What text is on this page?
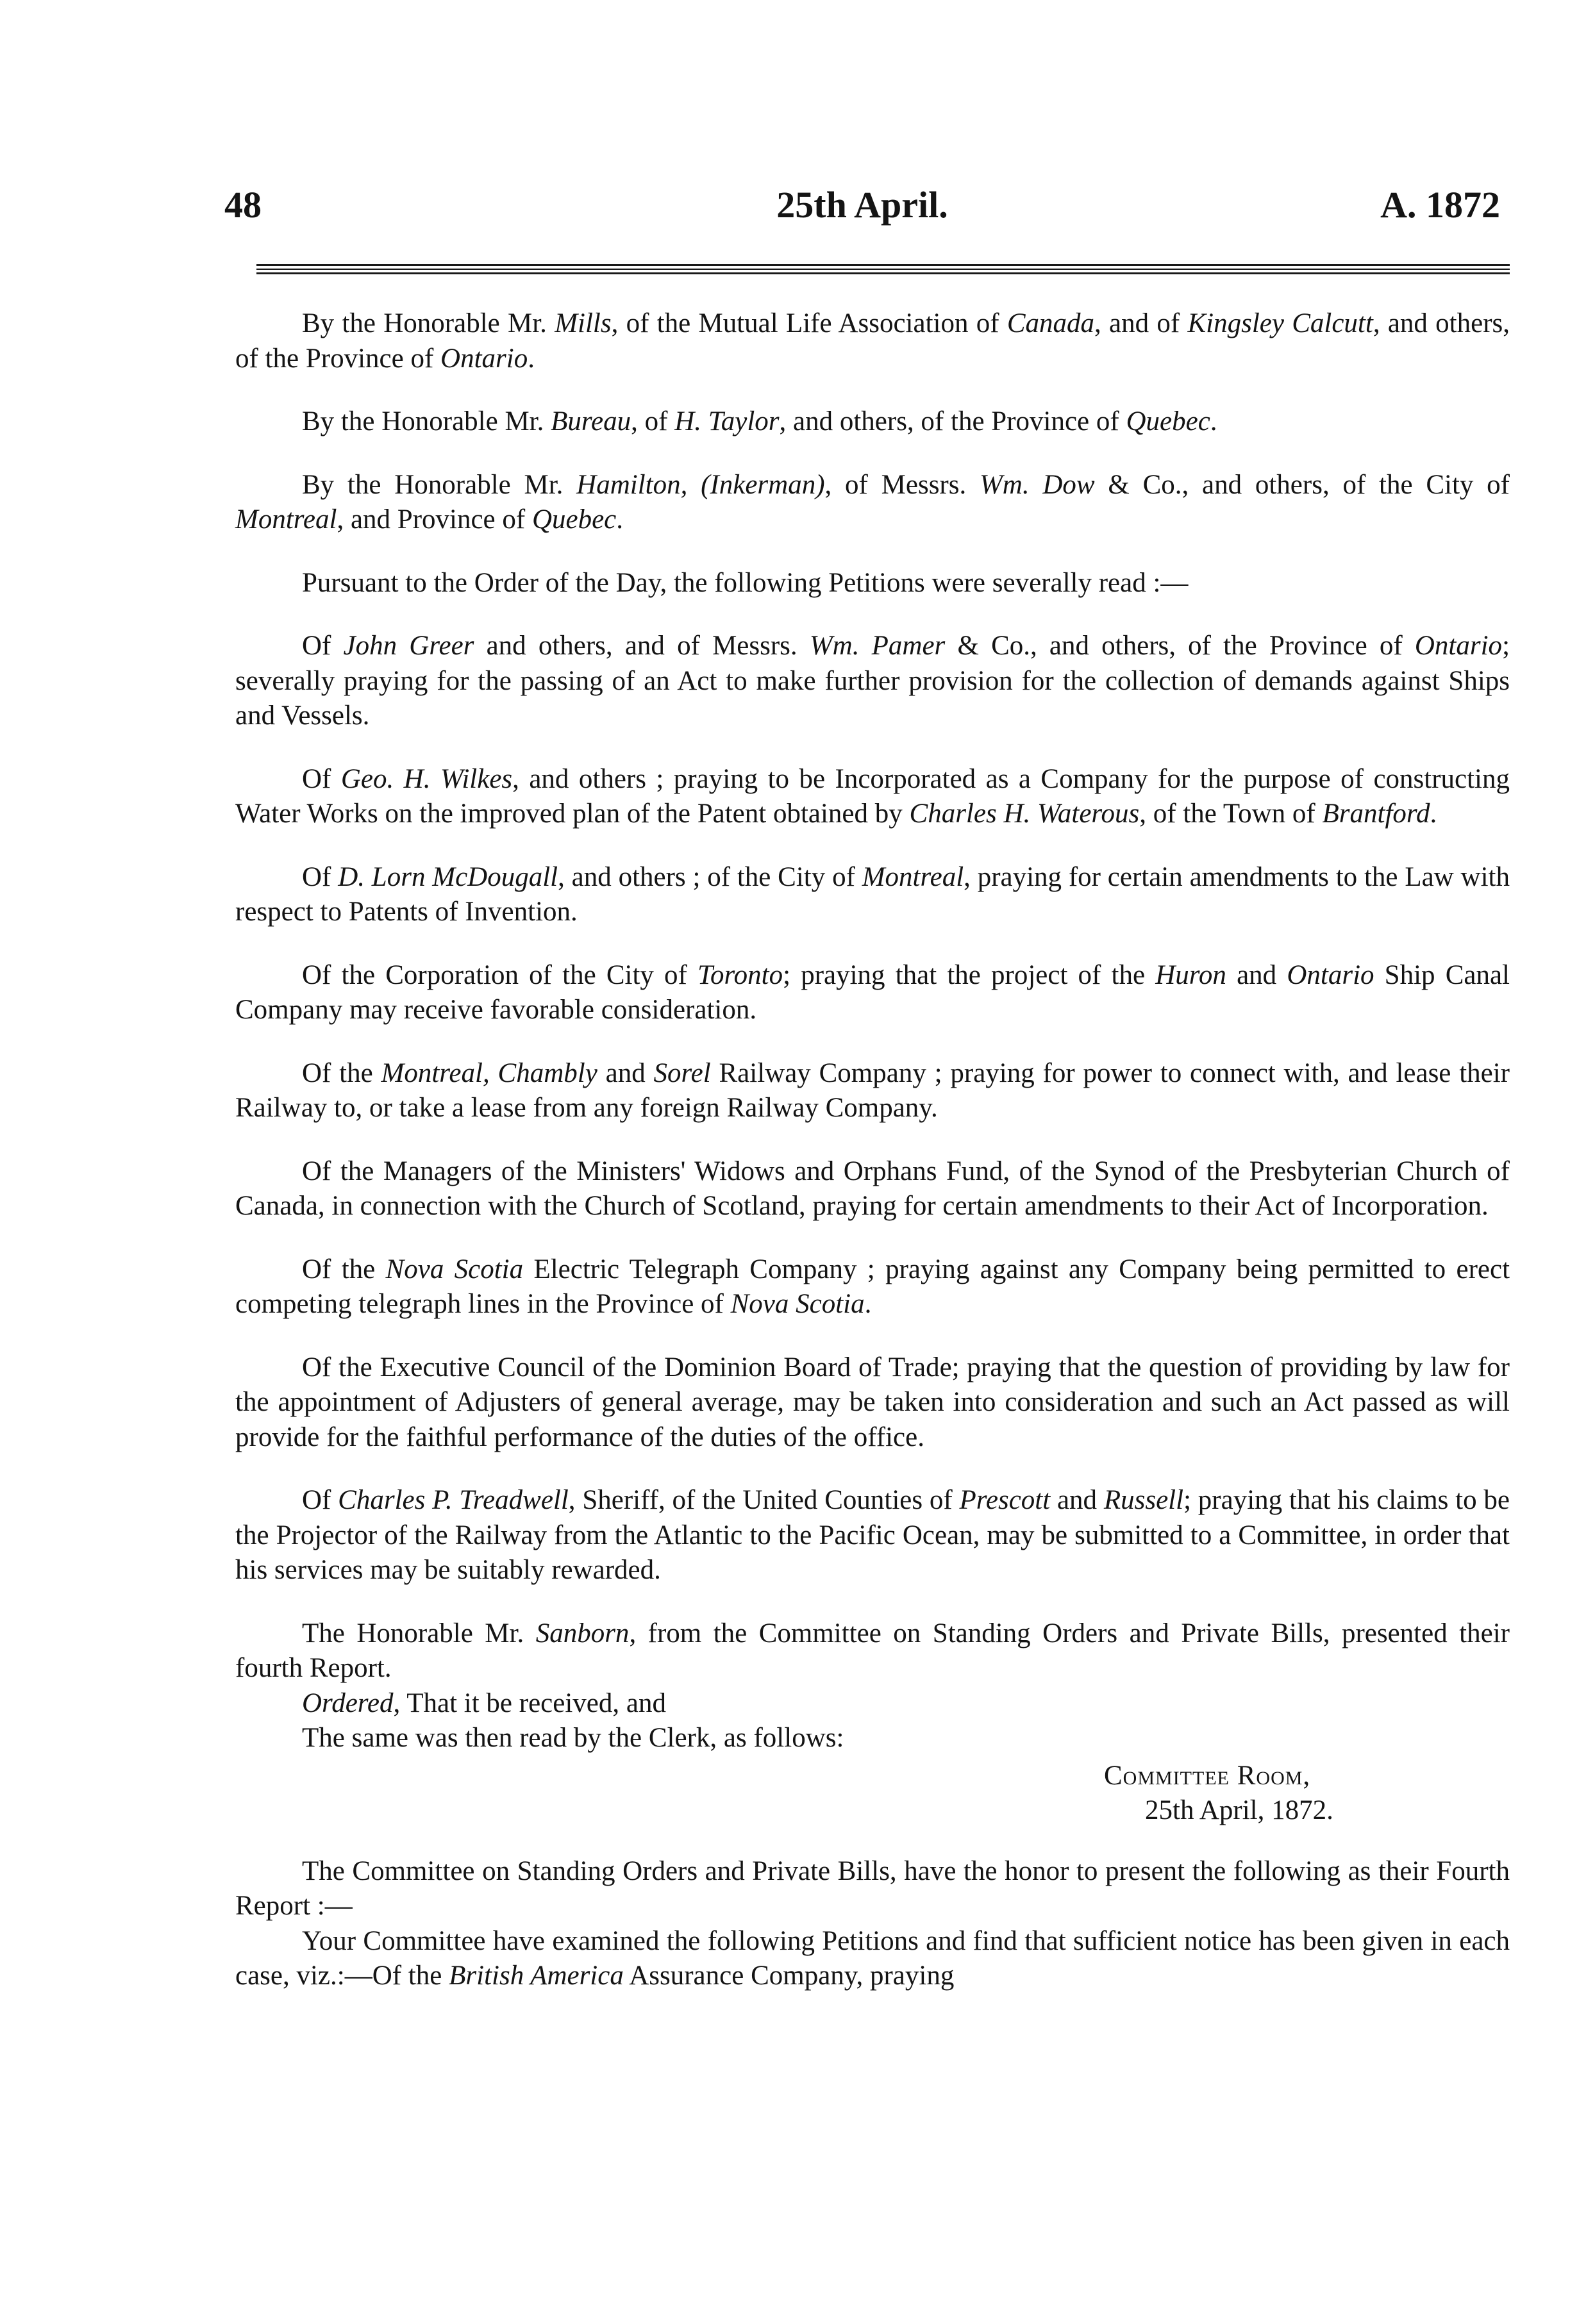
48	25th April.	A. 1872

By the Honorable Mr. Mills, of the Mutual Life Association of Canada, and of Kingsley Calcutt, and others, of the Province of Ontario.

By the Honorable Mr. Bureau, of H. Taylor, and others, of the Province of Quebec.

By the Honorable Mr. Hamilton, (Inkerman), of Messrs. Wm. Dow & Co., and others, of the City of Montreal, and Province of Quebec.

Pursuant to the Order of the Day, the following Petitions were severally read :—

Of John Greer and others, and of Messrs. Wm. Pamer & Co., and others, of the Province of Ontario; severally praying for the passing of an Act to make further provision for the collection of demands against Ships and Vessels.

Of Geo. H. Wilkes, and others ; praying to be Incorporated as a Company for the purpose of constructing Water Works on the improved plan of the Patent obtained by Charles H. Waterous, of the Town of Brantford.

Of D. Lorn McDougall, and others ; of the City of Montreal, praying for certain amendments to the Law with respect to Patents of Invention.

Of the Corporation of the City of Toronto; praying that the project of the Huron and Ontario Ship Canal Company may receive favorable consideration.

Of the Montreal, Chambly and Sorel Railway Company ; praying for power to connect with, and lease their Railway to, or take a lease from any foreign Railway Company.

Of the Managers of the Ministers' Widows and Orphans Fund, of the Synod of the Presbyterian Church of Canada, in connection with the Church of Scotland, praying for certain amendments to their Act of Incorporation.

Of the Nova Scotia Electric Telegraph Company ; praying against any Company being permitted to erect competing telegraph lines in the Province of Nova Scotia.

Of the Executive Council of the Dominion Board of Trade; praying that the question of providing by law for the appointment of Adjusters of general average, may be taken into consideration and such an Act passed as will provide for the faithful performance of the duties of the office.

Of Charles P. Treadwell, Sheriff, of the United Counties of Prescott and Russell; praying that his claims to be the Projector of the Railway from the Atlantic to the Pacific Ocean, may be submitted to a Committee, in order that his services may be suitably rewarded.

The Honorable Mr. Sanborn, from the Committee on Standing Orders and Private Bills, presented their fourth Report.

Ordered, That it be received, and

The same was then read by the Clerk, as follows:

Committee Room,
25th April, 1872.

The Committee on Standing Orders and Private Bills, have the honor to present the following as their Fourth Report :—

Your Committee have examined the following Petitions and find that sufficient notice has been given in each case, viz.:—Of the British America Assurance Company, praying
